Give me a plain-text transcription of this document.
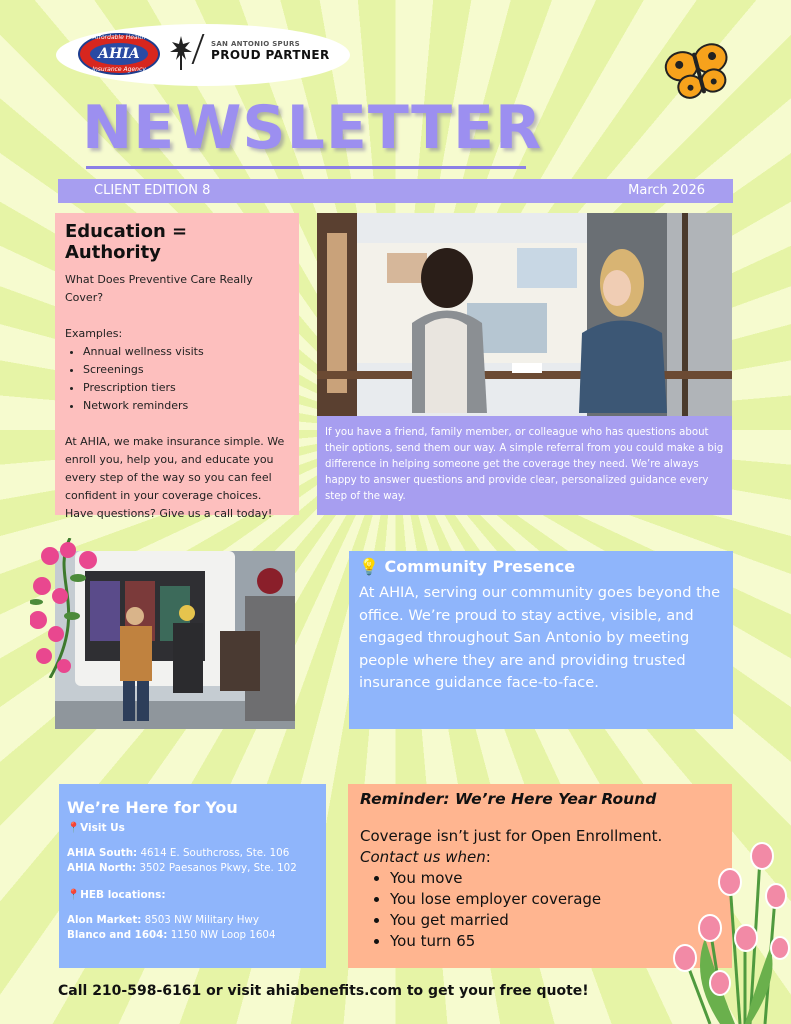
Affordable Health
AHIA
Insurance Agency
SAN ANTONIO SPURS
PROUD PARTNER
NEWSLETTER
CLIENT EDITION 8	March 2026
Education = Authority

What Does Preventive Care Really Cover?

Examples:

• Annual wellness visits
• Screenings
• Prescription tiers
• Network reminders

At AHIA, we make insurance simple. We enroll you, help you, and educate you every step of the way so you can feel confident in your coverage choices. Have questions? Give us a call today!

If you have a friend, family member, or colleague who has questions about their options, send them our way. A simple referral from you could make a big difference in helping someone get the coverage they need. We’re always happy to answer questions and provide clear, personalized guidance every step of the way.

💡 Community Presence

At AHIA, serving our community goes beyond the office. We’re proud to stay active, visible, and engaged throughout San Antonio by meeting people where they are and providing trusted insurance guidance face-to-face.

We’re Here for You
📍Visit Us
AHIA South: 4614 E. Southcross, Ste. 106
AHIA North: 3502 Paesanos Pkwy, Ste. 102
📍HEB locations:
Alon Market: 8503 NW Military Hwy
Blanco and 1604: 1150 NW Loop 1604
Reminder: We’re Here Year Round

Coverage isn’t just for Open Enrollment.

Contact us when:

• You move
• You lose employer coverage
• You get married
• You turn 65
Call 210-598-6161 or visit ahiabenefits.com to get your free quote!
